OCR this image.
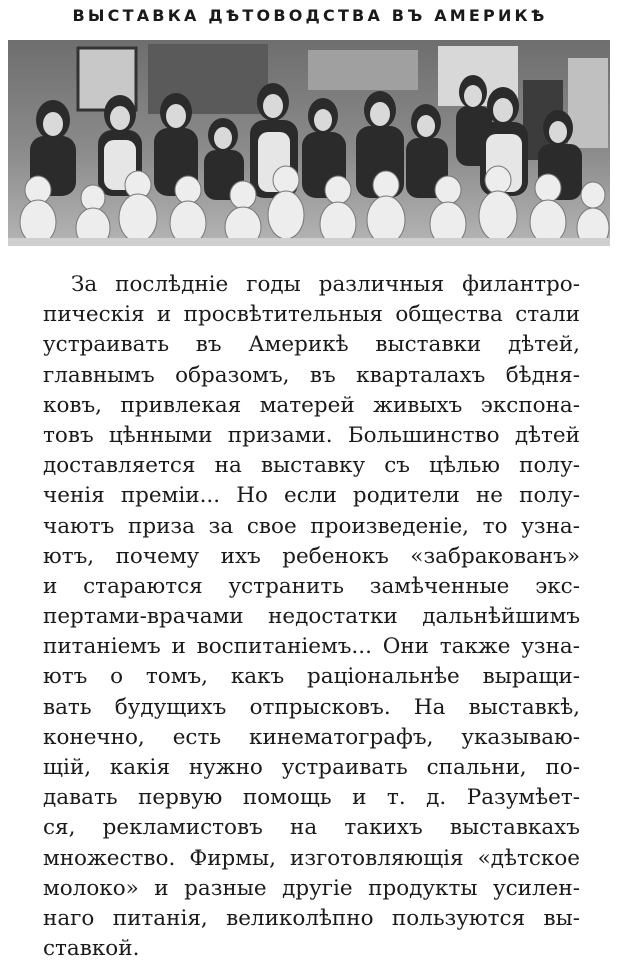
ВЫСТАВКА ДѢТОВОДСТВА ВЪ АМЕРИКѢ
За послѣдніе годы различныя филантро-
пическія и просвѣтительныя общества стали
устраивать въ Америкѣ выставки дѣтей,
главнымъ образомъ, въ кварталахъ бѣдня-
ковъ, привлекая матерей живыхъ экспона-
товъ цѣнными призами. Большинство дѣтей
доставляется на выставку съ цѣлью полу-
ченія преміи... Но если родители не полу-
чаютъ приза за свое произведеніе, то узна-
ютъ, почему ихъ ребенокъ «забракованъ»
и стараются устранить замѣченные экс-
пертами-врачами недостатки дальнѣйшимъ
питаніемъ и воспитаніемъ... Они также узна-
ютъ о томъ, какъ раціональнѣе выращи-
вать будущихъ отпрысковъ. На выставкѣ,
конечно, есть кинематографъ, указываю-
щій, какія нужно устраивать спальни, по-
давать первую помощь и т. д. Разумѣет-
ся, рекламистовъ на такихъ выставкахъ
множество. Фирмы, изготовляющія «дѣтское
молоко» и разные другіе продукты усилен-
наго питанія, великолѣпно пользуются вы-
ставкой.
